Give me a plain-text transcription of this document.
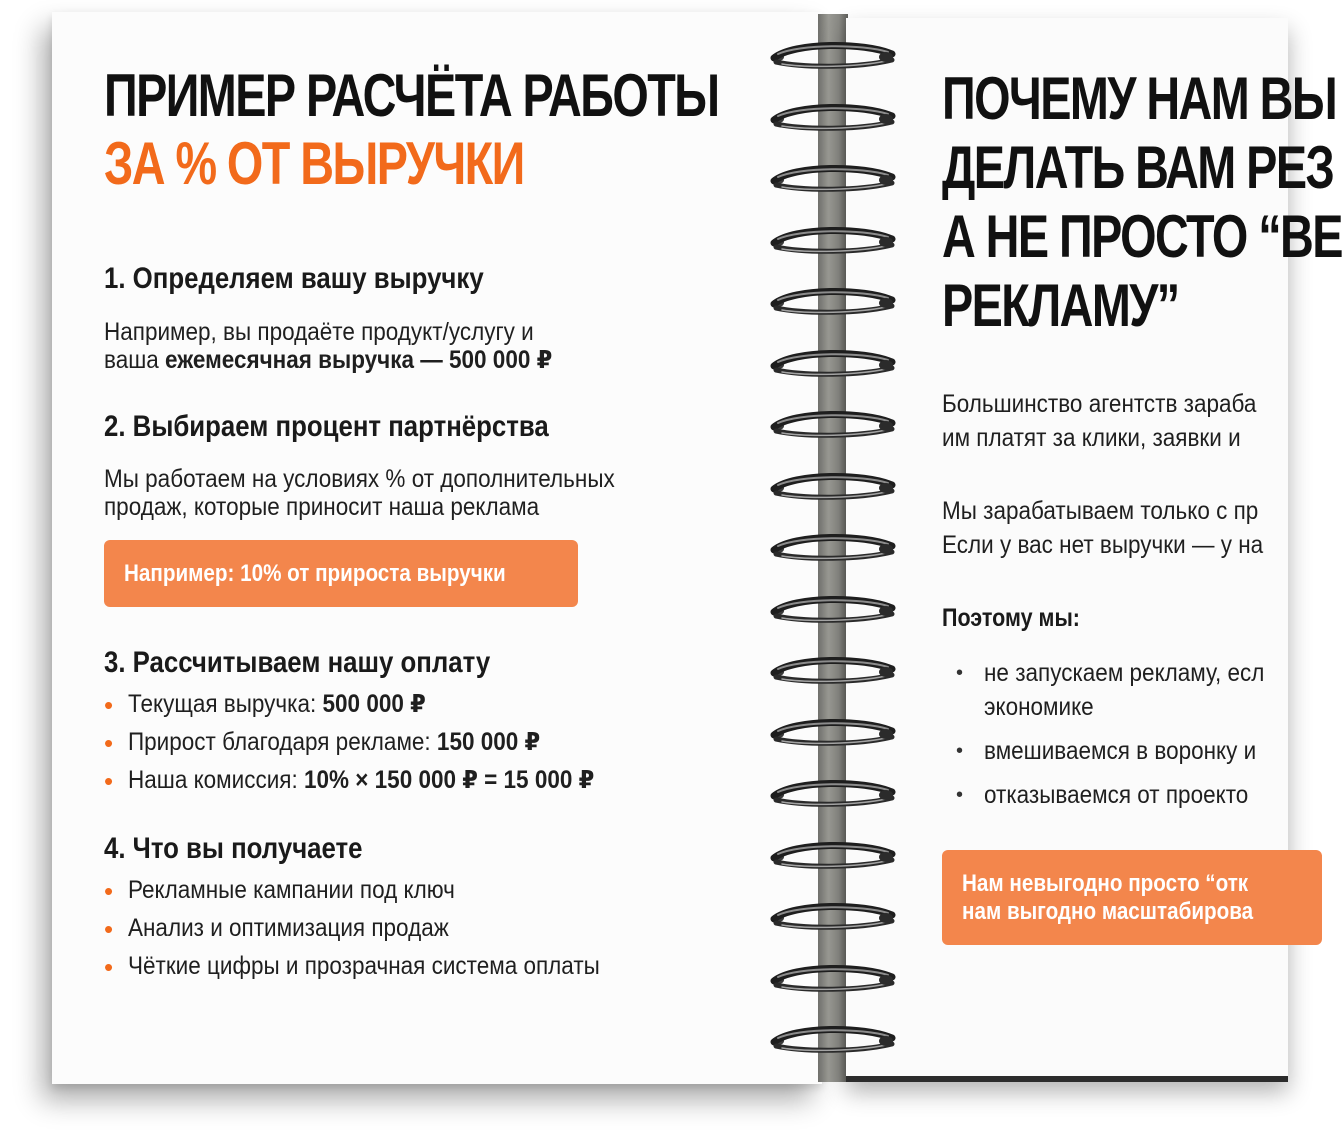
ПРИМЕР РАСЧЁТА РАБОТЫ
ЗА % ОТ ВЫРУЧКИ
1. Определяем вашу выручку

Например, вы продаёте продукт/услугу и
ваша ежемесячная выручка — 500 000 ₽

2. Выбираем процент партнёрства

Мы работаем на условиях % от дополнительных
продаж, которые приносит наша реклама

Например: 10% от прироста выручки
3. Рассчитываем нашу оплату
• Текущая выручка: 500 000 ₽
• Прирост благодаря рекламе: 150 000 ₽
• Наша комиссия: 10% × 150 000 ₽ = 15 000 ₽
4. Что вы получаете
• Рекламные кампании под ключ
• Анализ и оптимизация продаж
• Чёткие цифры и прозрачная система оплаты
ПОЧЕМУ НАМ ВЫ
ДЕЛАТЬ ВАМ РЕЗ
А НЕ ПРОСТО “ВЕ
РЕКЛАМУ”

Большинство агентств зараба
им платят за клики, заявки и

Мы зарабатываем только с пр
Если у вас нет выручки — у на

Поэтому мы:
• не запускаем рекламу, есл
экономике
• вмешиваемся в воронку и
• отказываемся от проекто
Нам невыгодно просто “отк
нам выгодно масштабирова
